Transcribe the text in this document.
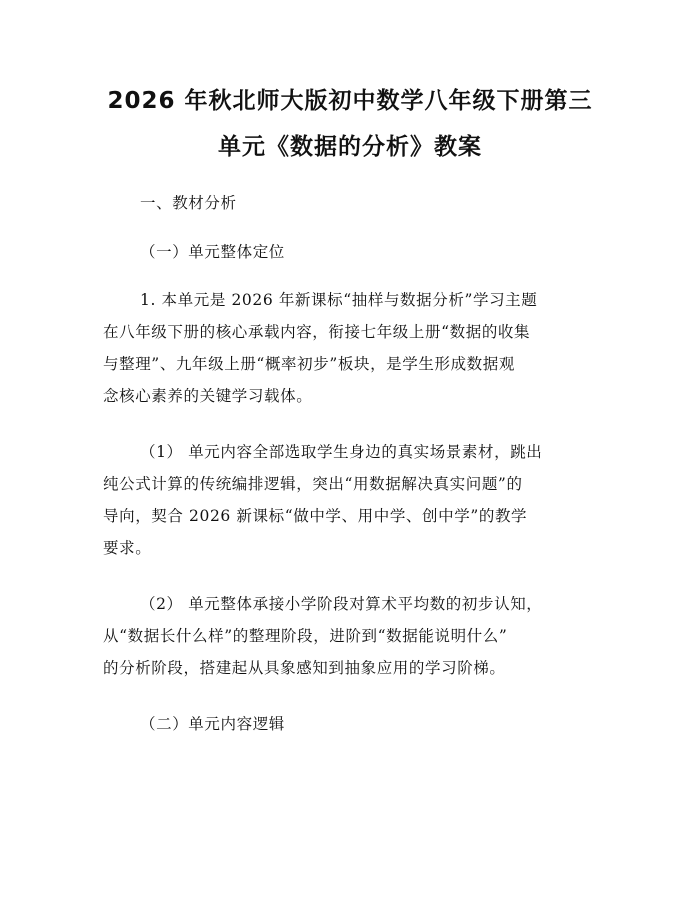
2026 年秋北师大版初中数学八年级下册第三
单元《数据的分析》教案
一、教材分析
（一）单元整体定位
1. 本单元是 2026 年新课标“抽样与数据分析”学习主题
在八年级下册的核心承载内容，衔接七年级上册“数据的收集
与整理”、九年级上册“概率初步”板块，是学生形成数据观
念核心素养的关键学习载体。
（1） 单元内容全部选取学生身边的真实场景素材，跳出
纯公式计算的传统编排逻辑，突出“用数据解决真实问题”的
导向，契合 2026 新课标“做中学、用中学、创中学”的教学
要求。
（2） 单元整体承接小学阶段对算术平均数的初步认知，
从“数据长什么样”的整理阶段，进阶到“数据能说明什么”
的分析阶段，搭建起从具象感知到抽象应用的学习阶梯。
（二）单元内容逻辑
